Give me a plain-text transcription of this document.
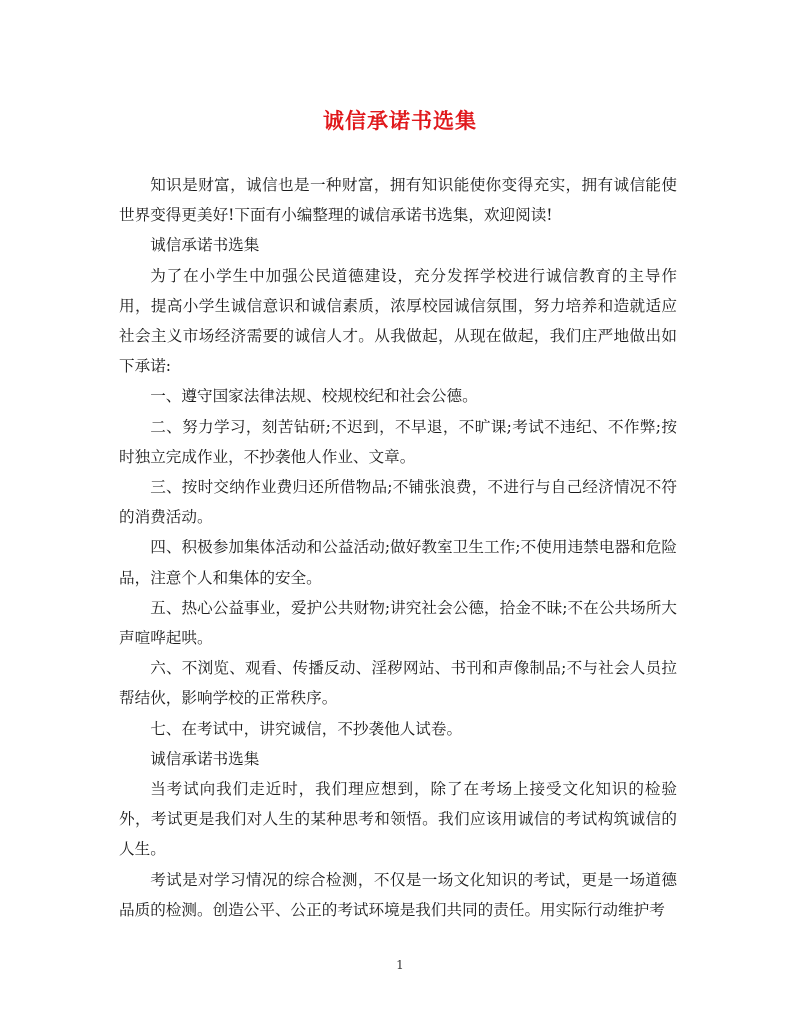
诚信承诺书选集

知识是财富，诚信也是一种财富，拥有知识能使你变得充实，拥有诚信能使世界变得更美好!下面有小编整理的诚信承诺书选集，欢迎阅读!

诚信承诺书选集

为了在小学生中加强公民道德建设，充分发挥学校进行诚信教育的主导作用，提高小学生诚信意识和诚信素质，浓厚校园诚信氛围，努力培养和造就适应社会主义市场经济需要的诚信人才。从我做起，从现在做起，我们庄严地做出如下承诺:

一、遵守国家法律法规、校规校纪和社会公德。

二、努力学习，刻苦钻研;不迟到，不早退，不旷课;考试不违纪、不作弊;按时独立完成作业，不抄袭他人作业、文章。

三、按时交纳作业费归还所借物品;不铺张浪费，不进行与自己经济情况不符的消费活动。

四、积极参加集体活动和公益活动;做好教室卫生工作;不使用违禁电器和危险品，注意个人和集体的安全。

五、热心公益事业，爱护公共财物;讲究社会公德，拾金不昧;不在公共场所大声喧哗起哄。

六、不浏览、观看、传播反动、淫秽网站、书刊和声像制品;不与社会人员拉帮结伙，影响学校的正常秩序。

七、在考试中，讲究诚信，不抄袭他人试卷。

诚信承诺书选集

当考试向我们走近时，我们理应想到，除了在考场上接受文化知识的检验外，考试更是我们对人生的某种思考和领悟。我们应该用诚信的考试构筑诚信的人生。

考试是对学习情况的综合检测，不仅是一场文化知识的考试，更是一场道德品质的检测。创造公平、公正的考试环境是我们共同的责任。用实际行动维护考

1
